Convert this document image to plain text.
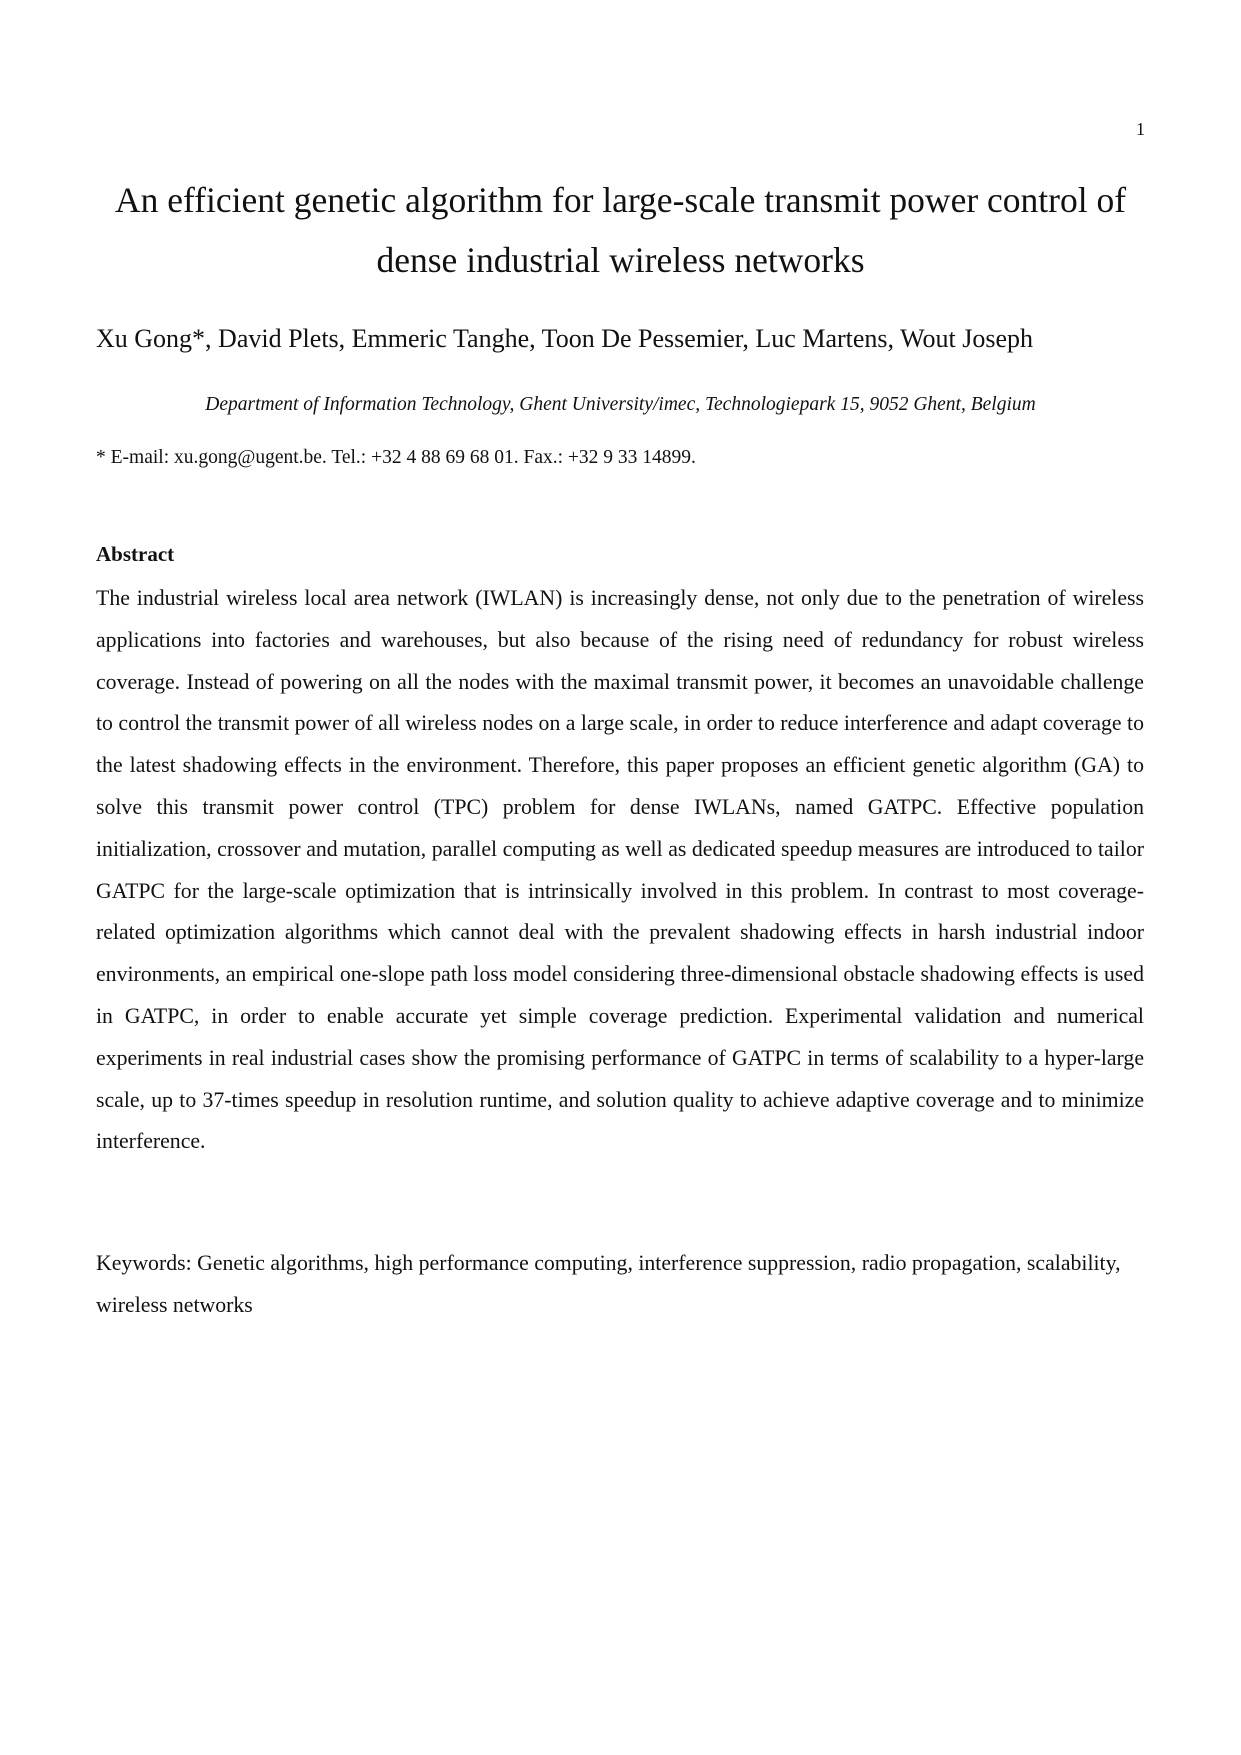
1
An efficient genetic algorithm for large-scale transmit power control of dense industrial wireless networks
Xu Gong*, David Plets, Emmeric Tanghe, Toon De Pessemier, Luc Martens, Wout Joseph
Department of Information Technology, Ghent University/imec, Technologiepark 15, 9052 Ghent, Belgium
* E-mail: xu.gong@ugent.be. Tel.: +32 4 88 69 68 01. Fax.: +32 9 33 14899.
Abstract

The industrial wireless local area network (IWLAN) is increasingly dense, not only due to the penetration of wireless applications into factories and warehouses, but also because of the rising need of redundancy for robust wireless coverage. Instead of powering on all the nodes with the maximal transmit power, it becomes an unavoidable challenge to control the transmit power of all wireless nodes on a large scale, in order to reduce interference and adapt coverage to the latest shadowing effects in the environment. Therefore, this paper proposes an efficient genetic algorithm (GA) to solve this transmit power control (TPC) problem for dense IWLANs, named GATPC. Effective population initialization, crossover and mutation, parallel computing as well as dedicated speedup measures are introduced to tailor GATPC for the large-scale optimization that is intrinsically involved in this problem. In contrast to most coverage-related optimization algorithms which cannot deal with the prevalent shadowing effects in harsh industrial indoor environments, an empirical one-slope path loss model considering three-dimensional obstacle shadowing effects is used in GATPC, in order to enable accurate yet simple coverage prediction. Experimental validation and numerical experiments in real industrial cases show the promising performance of GATPC in terms of scalability to a hyper-large scale, up to 37-times speedup in resolution runtime, and solution quality to achieve adaptive coverage and to minimize interference.

Keywords: Genetic algorithms, high performance computing, interference suppression, radio propagation, scalability, wireless networks
